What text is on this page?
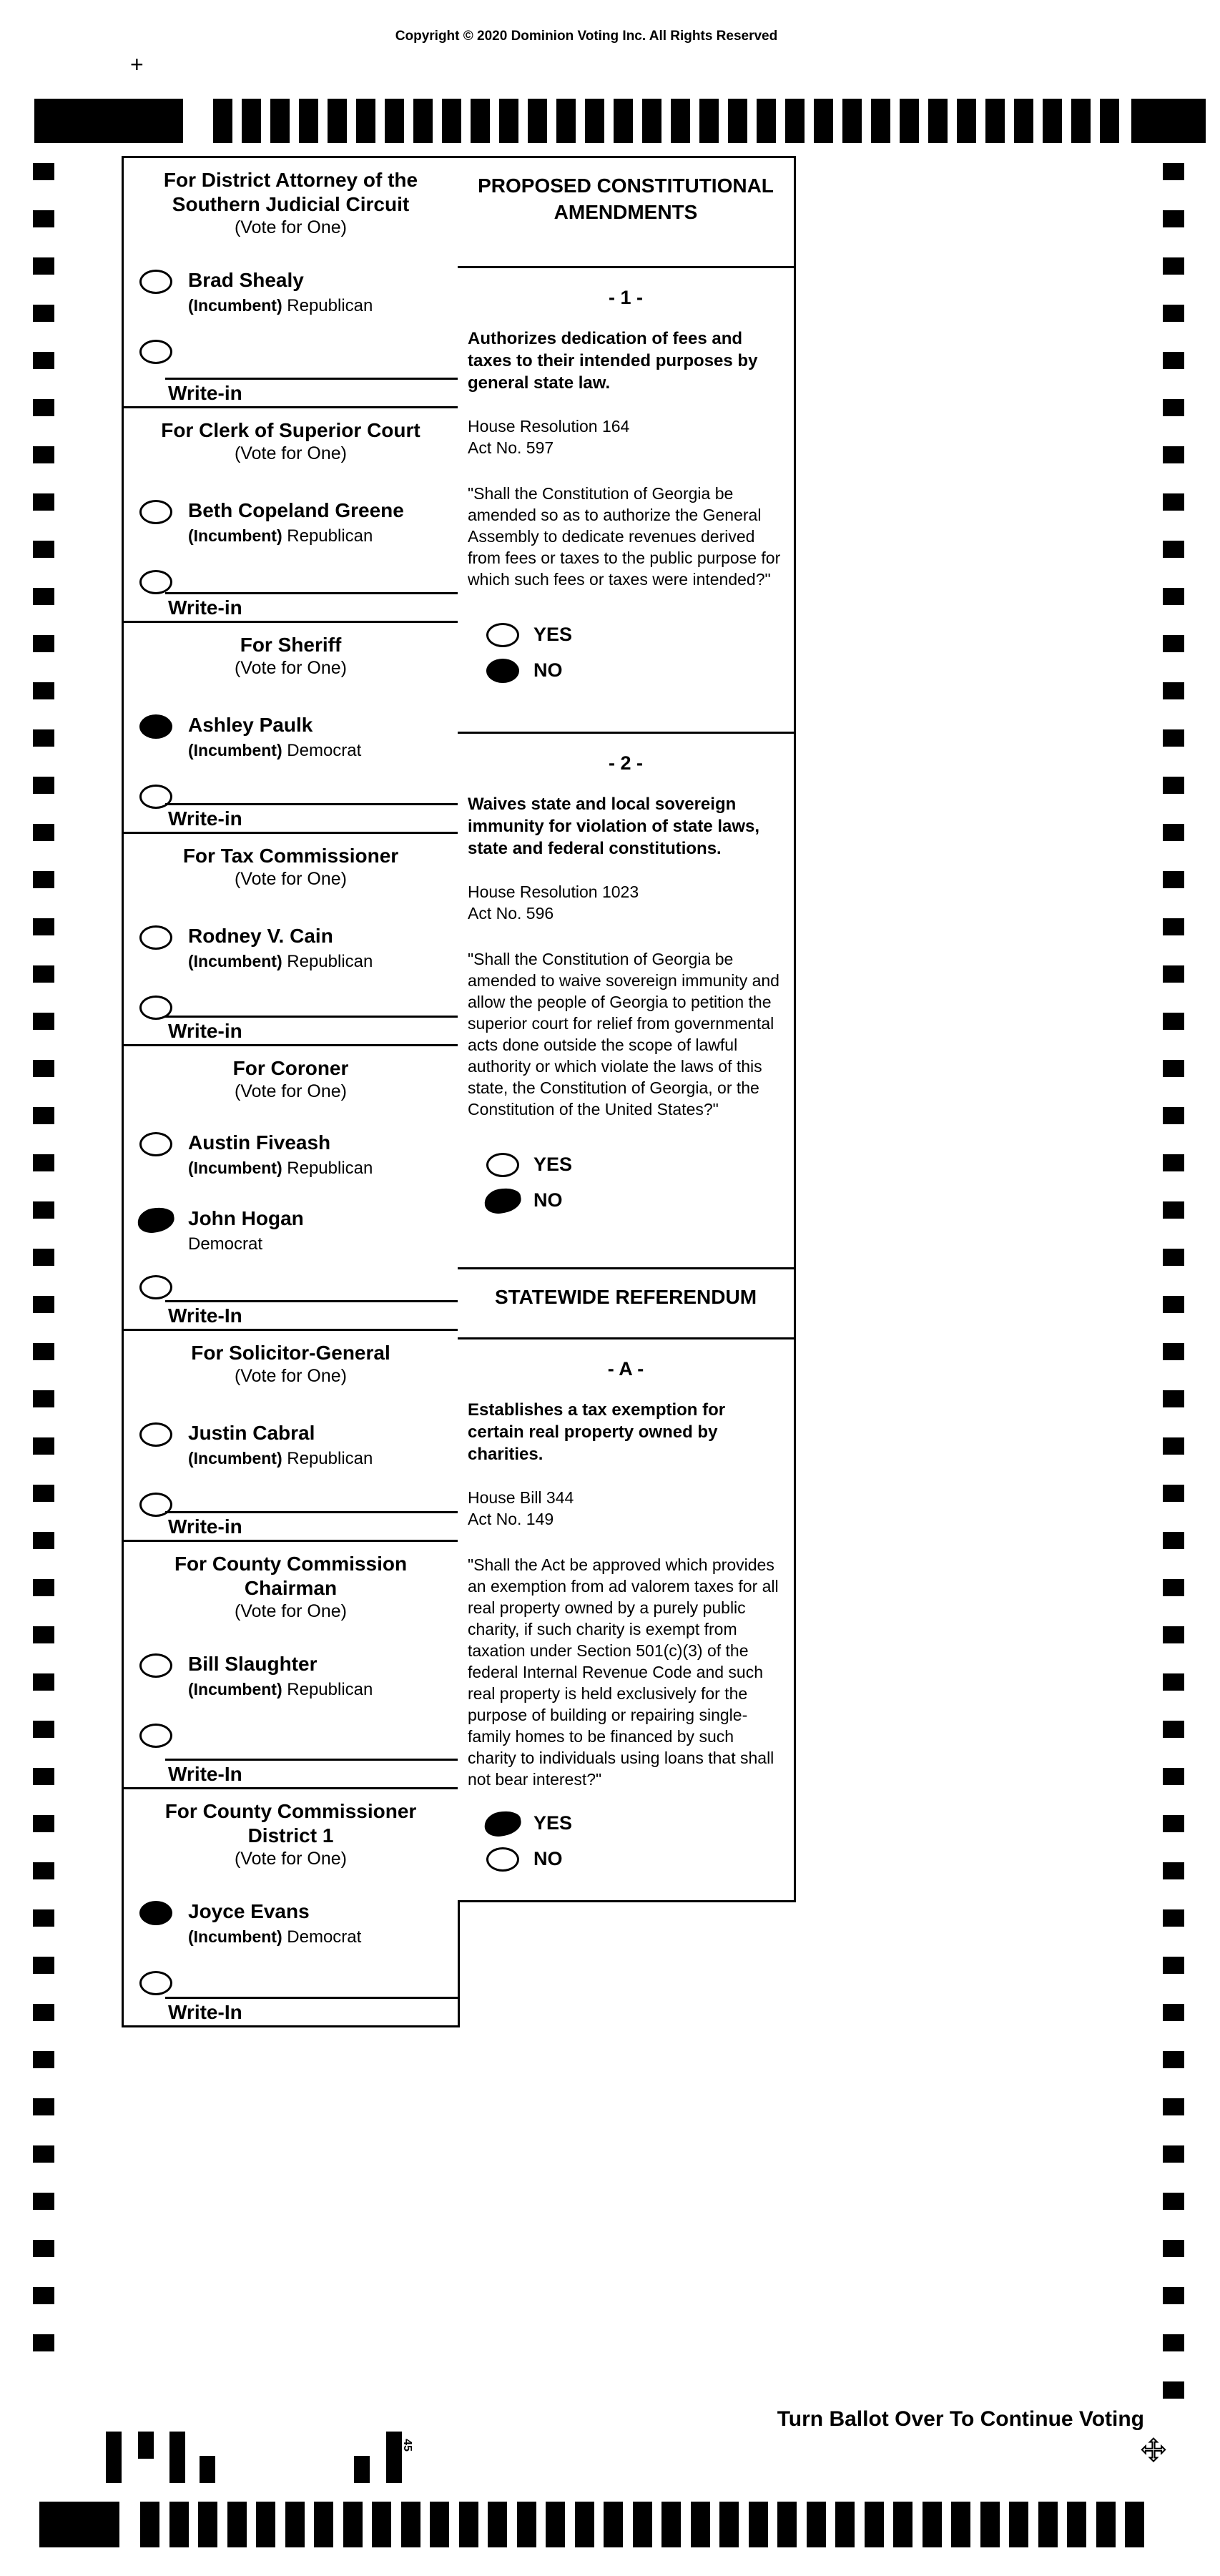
Copyright © 2020 Dominion Voting Inc. All Rights Reserved
+
For District Attorney of the Southern Judicial Circuit
(Vote for One)
Brad Shealy
(Incumbent) Republican
Write-in
For Clerk of Superior Court
(Vote for One)
Beth Copeland Greene
(Incumbent) Republican
Write-in
For Sheriff
(Vote for One)
Ashley Paulk
(Incumbent) Democrat
Write-in
For Tax Commissioner
(Vote for One)
Rodney V. Cain
(Incumbent) Republican
Write-in
For Coroner
(Vote for One)
Austin Fiveash
(Incumbent) Republican
John Hogan
Democrat
Write-In
For Solicitor-General
(Vote for One)
Justin Cabral
(Incumbent) Republican
Write-in
For County Commission Chairman
(Vote for One)
Bill Slaughter
(Incumbent) Republican
Write-In
For County Commissioner District 1
(Vote for One)
Joyce Evans
(Incumbent) Democrat
Write-In
PROPOSED CONSTITUTIONAL AMENDMENTS
- 1 -
Authorizes dedication of fees and taxes to their intended purposes by general state law.
House Resolution 164
Act No. 597
"Shall the Constitution of Georgia be amended so as to authorize the General Assembly to dedicate revenues derived from fees or taxes to the public purpose for which such fees or taxes were intended?"
YES
NO
- 2 -
Waives state and local sovereign immunity for violation of state laws, state and federal constitutions.
House Resolution 1023
Act No. 596
"Shall the Constitution of Georgia be amended to waive sovereign immunity and allow the people of Georgia to petition the superior court for relief from governmental acts done outside the scope of lawful authority or which violate the laws of this state, the Constitution of Georgia, or the Constitution of the United States?"
YES
NO
STATEWIDE REFERENDUM
- A -
Establishes a tax exemption for certain real property owned by charities.
House Bill 344
Act No. 149
"Shall the Act be approved which provides an exemption from ad valorem taxes for all real property owned by a purely public charity, if such charity is exempt from taxation under Section 501(c)(3) of the federal Internal Revenue Code and such real property is held exclusively for the purpose of building or repairing single-family homes to be financed by such charity to individuals using loans that shall not bear interest?"
YES
NO
Turn Ballot Over To Continue Voting
45
